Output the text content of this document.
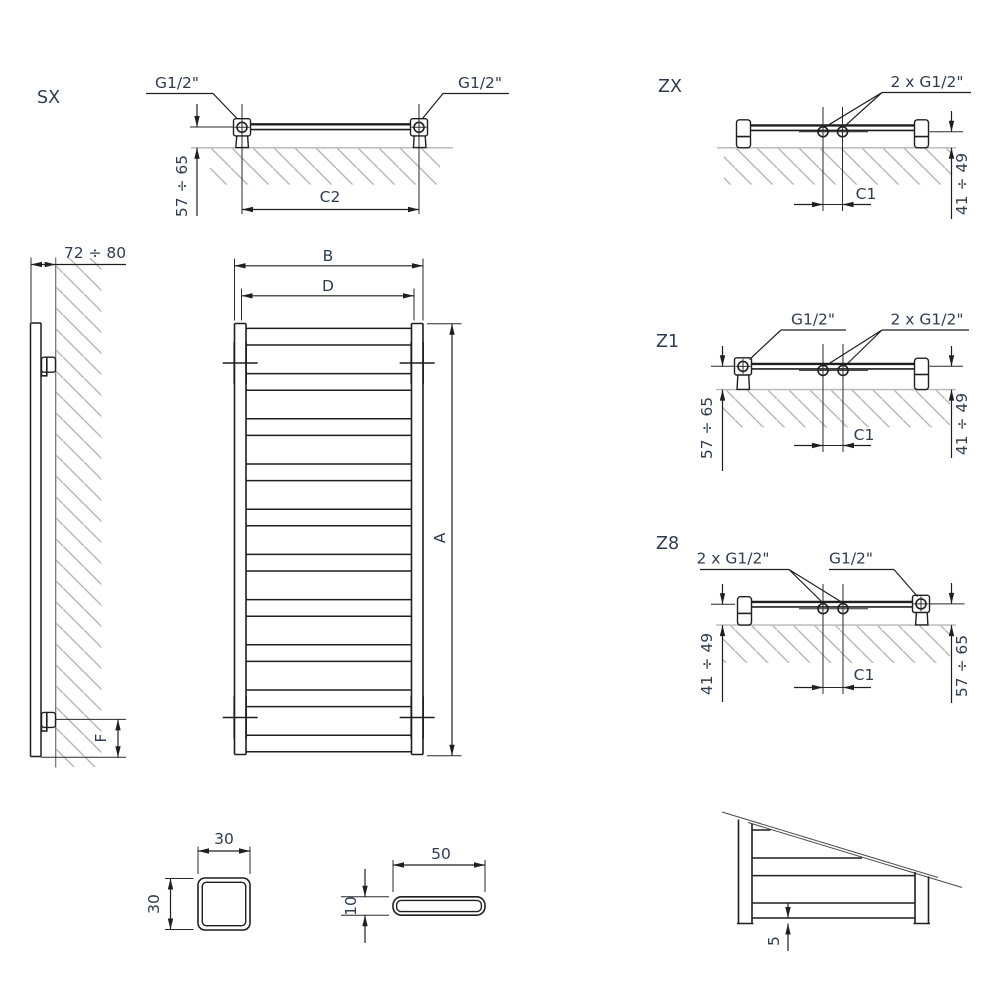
SX
G1/2"	G1/2"
57 ÷ 65	C2
ZX	2 x G1/2"
C1	41 ÷ 49
Z1
G1/2"	2 x G1/2"
57 ÷ 65	41 ÷ 49
C1
Z8
2 x G1/2"	G1/2"
41 ÷ 49	57 ÷ 65
C1
72 ÷ 80
F
B
D
A
30
30
50
10
5
